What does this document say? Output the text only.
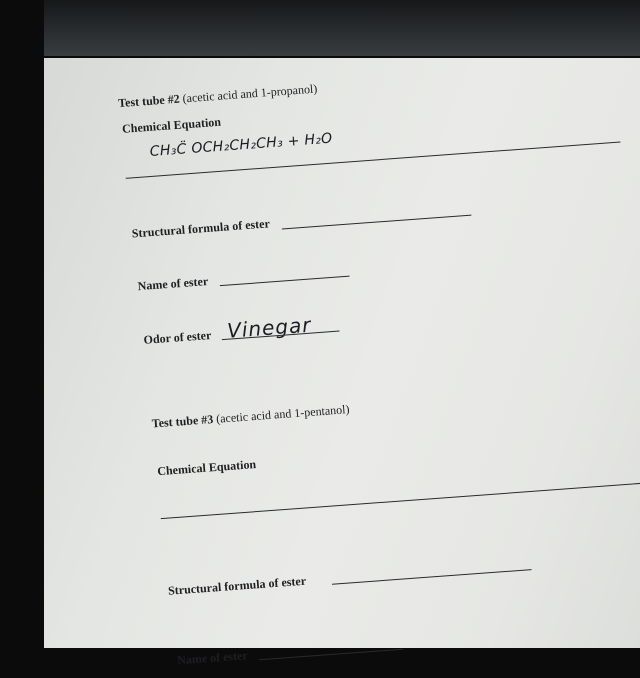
Test tube #2 (acetic acid and 1-propanol)
Chemical Equation
CH₃C̈ OCH₂CH₂CH₃ + H₂O
Structural formula of ester
Name of ester
Odor of ester Vinegar
Test tube #3 (acetic acid and 1-pentanol)
Chemical Equation
Structural formula of ester
Name of ester
